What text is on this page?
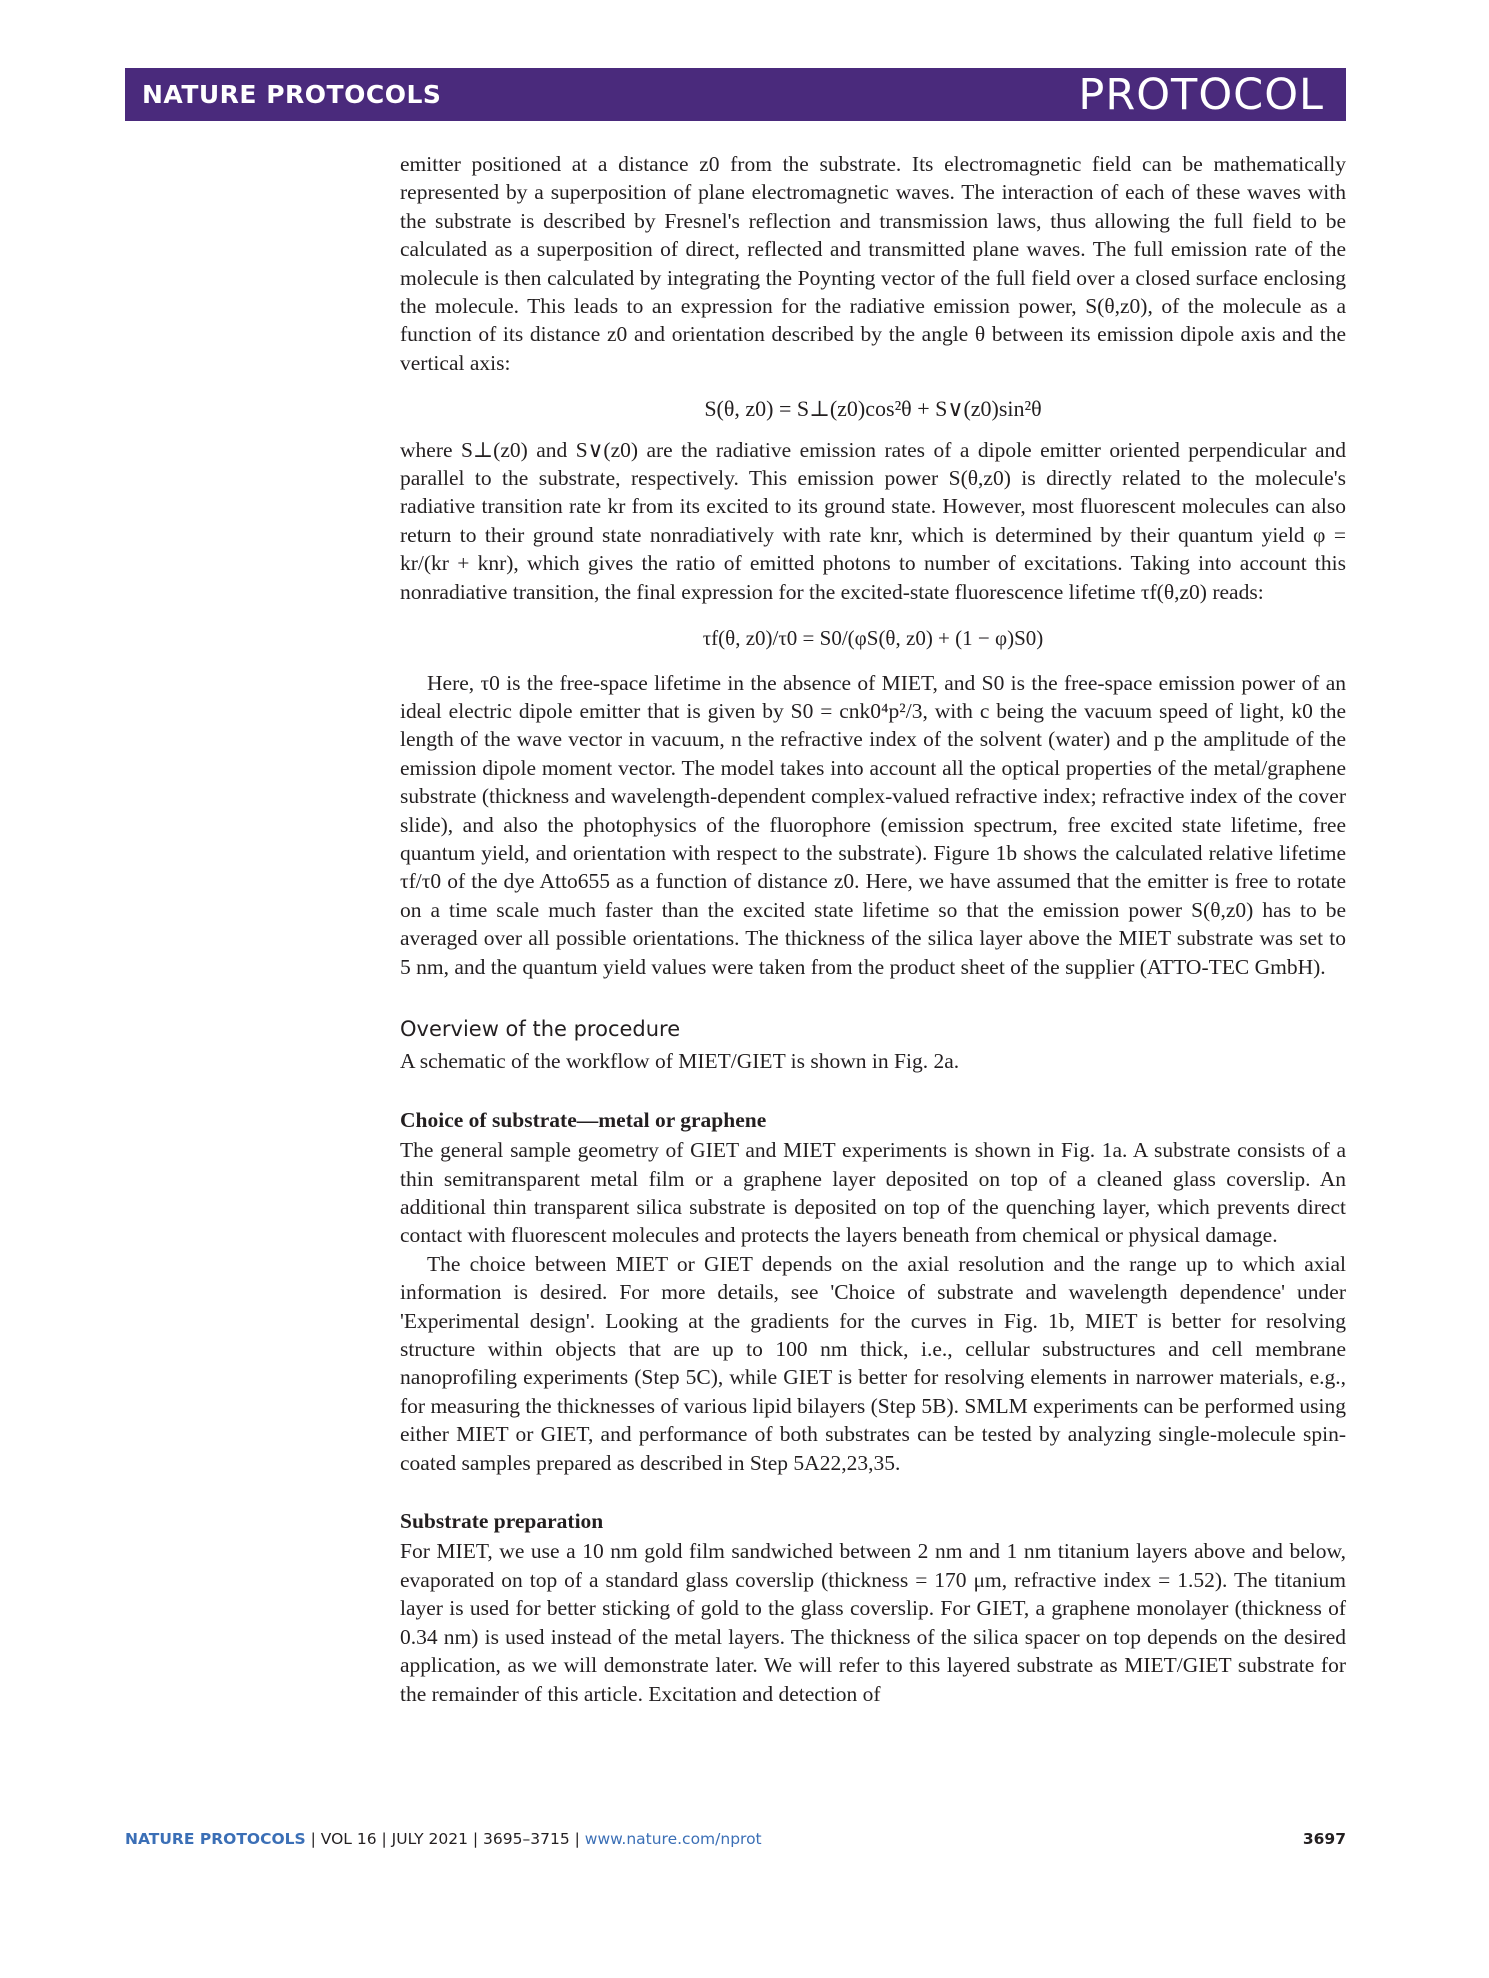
NATURE PROTOCOLS	PROTOCOL

emitter positioned at a distance z0 from the substrate. Its electromagnetic field can be mathematically represented by a superposition of plane electromagnetic waves. The interaction of each of these waves with the substrate is described by Fresnel's reflection and transmission laws, thus allowing the full field to be calculated as a superposition of direct, reflected and transmitted plane waves. The full emission rate of the molecule is then calculated by integrating the Poynting vector of the full field over a closed surface enclosing the molecule. This leads to an expression for the radiative emission power, S(θ,z0), of the molecule as a function of its distance z0 and orientation described by the angle θ between its emission dipole axis and the vertical axis:

S(θ, z0) = S⊥(z0)cos²θ + S∨(z0)sin²θ

where S⊥(z0) and S∨(z0) are the radiative emission rates of a dipole emitter oriented perpendicular and parallel to the substrate, respectively. This emission power S(θ,z0) is directly related to the molecule's radiative transition rate kr from its excited to its ground state. However, most fluorescent molecules can also return to their ground state nonradiatively with rate knr, which is determined by their quantum yield φ = kr/(kr + knr), which gives the ratio of emitted photons to number of excitations. Taking into account this nonradiative transition, the final expression for the excited-state fluorescence lifetime τf(θ,z0) reads:

τf(θ, z0)/τ0 = S0/(φS(θ, z0) + (1 − φ)S0)

Here, τ0 is the free-space lifetime in the absence of MIET, and S0 is the free-space emission power of an ideal electric dipole emitter that is given by S0 = cnk0⁴p²/3, with c being the vacuum speed of light, k0 the length of the wave vector in vacuum, n the refractive index of the solvent (water) and p the amplitude of the emission dipole moment vector. The model takes into account all the optical properties of the metal/graphene substrate (thickness and wavelength-dependent complex-valued refractive index; refractive index of the cover slide), and also the photophysics of the fluorophore (emission spectrum, free excited state lifetime, free quantum yield, and orientation with respect to the substrate). Figure 1b shows the calculated relative lifetime τf/τ0 of the dye Atto655 as a function of distance z0. Here, we have assumed that the emitter is free to rotate on a time scale much faster than the excited state lifetime so that the emission power S(θ,z0) has to be averaged over all possible orientations. The thickness of the silica layer above the MIET substrate was set to 5 nm, and the quantum yield values were taken from the product sheet of the supplier (ATTO-TEC GmbH).

Overview of the procedure

A schematic of the workflow of MIET/GIET is shown in Fig. 2a.

Choice of substrate—metal or graphene

The general sample geometry of GIET and MIET experiments is shown in Fig. 1a. A substrate consists of a thin semitransparent metal film or a graphene layer deposited on top of a cleaned glass coverslip. An additional thin transparent silica substrate is deposited on top of the quenching layer, which prevents direct contact with fluorescent molecules and protects the layers beneath from chemical or physical damage.

The choice between MIET or GIET depends on the axial resolution and the range up to which axial information is desired. For more details, see 'Choice of substrate and wavelength dependence' under 'Experimental design'. Looking at the gradients for the curves in Fig. 1b, MIET is better for resolving structure within objects that are up to 100 nm thick, i.e., cellular substructures and cell membrane nanoprofiling experiments (Step 5C), while GIET is better for resolving elements in narrower materials, e.g., for measuring the thicknesses of various lipid bilayers (Step 5B). SMLM experiments can be performed using either MIET or GIET, and performance of both substrates can be tested by analyzing single-molecule spin-coated samples prepared as described in Step 5A22,23,35.

Substrate preparation

For MIET, we use a 10 nm gold film sandwiched between 2 nm and 1 nm titanium layers above and below, evaporated on top of a standard glass coverslip (thickness = 170 μm, refractive index = 1.52). The titanium layer is used for better sticking of gold to the glass coverslip. For GIET, a graphene monolayer (thickness of 0.34 nm) is used instead of the metal layers. The thickness of the silica spacer on top depends on the desired application, as we will demonstrate later. We will refer to this layered substrate as MIET/GIET substrate for the remainder of this article. Excitation and detection of

NATURE PROTOCOLS | VOL 16 | JULY 2021 | 3695–3715 | www.nature.com/nprot	3697
